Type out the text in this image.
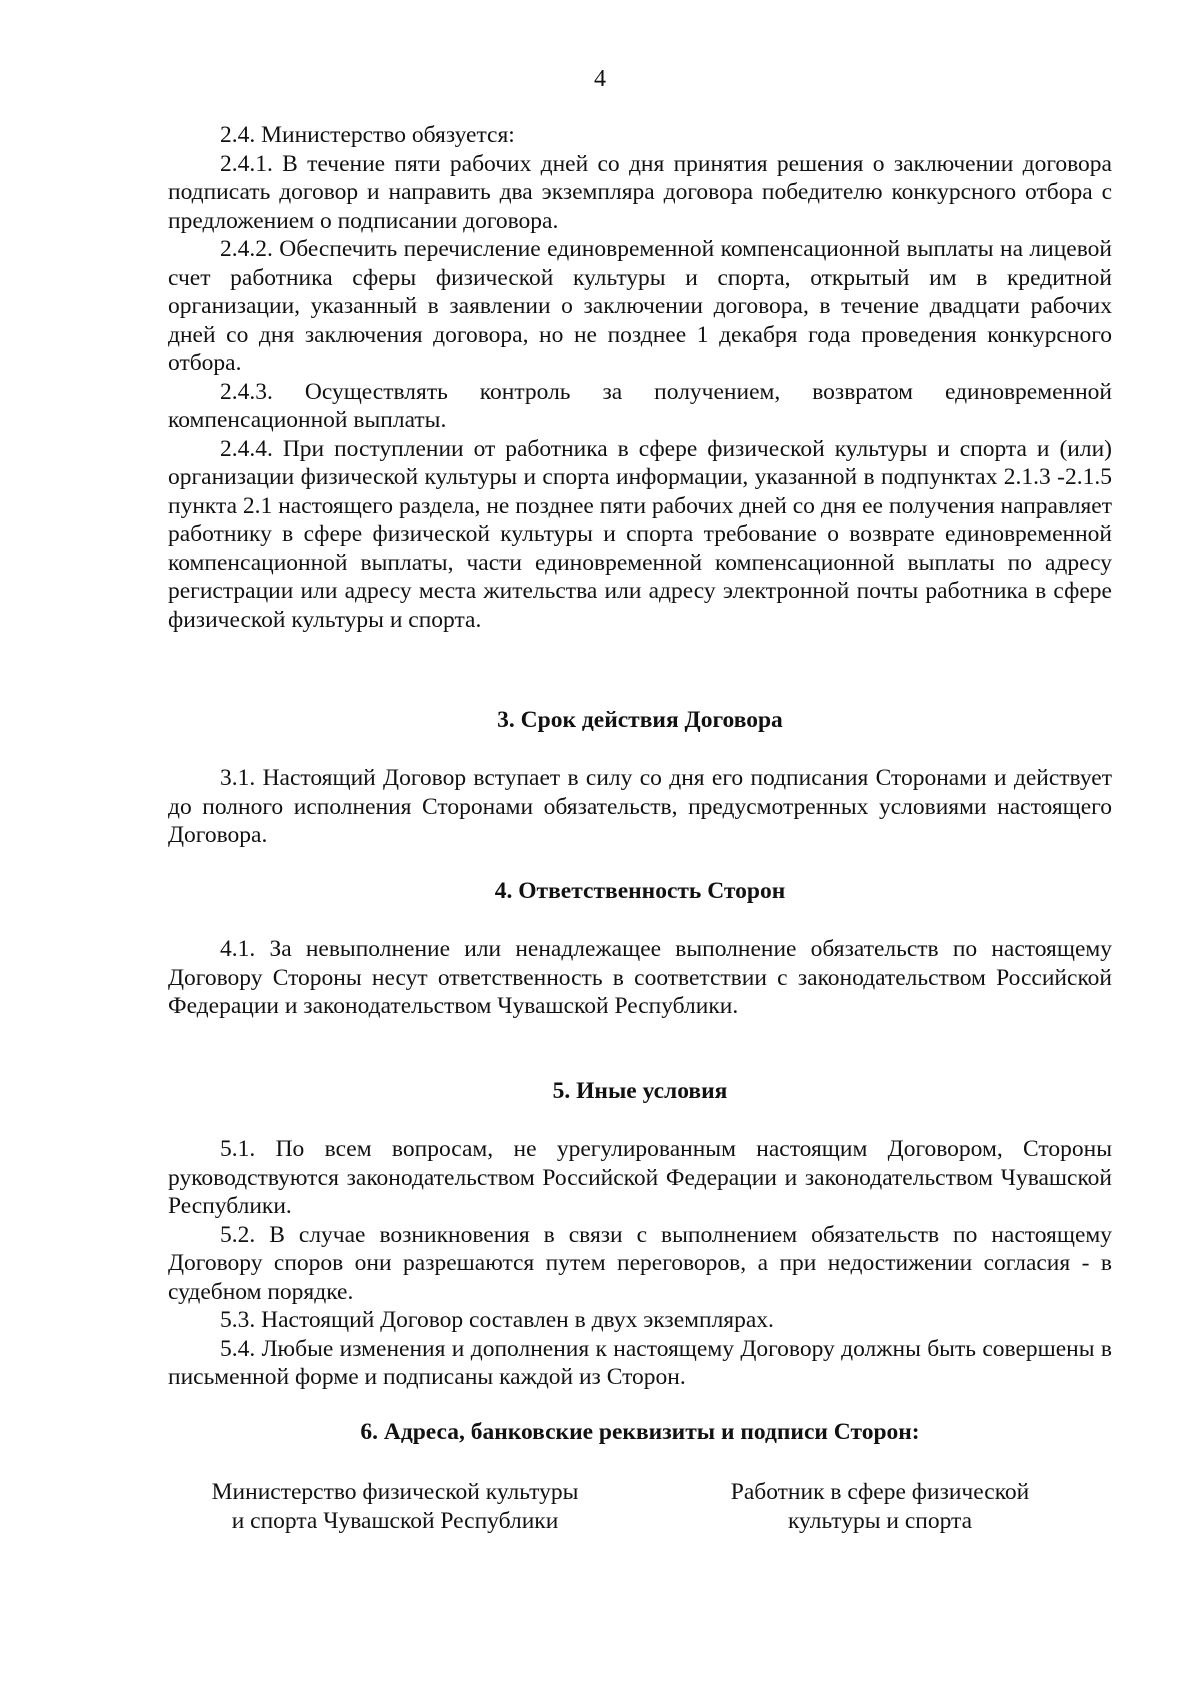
4

2.4. Министерство обязуется:

2.4.1. В течение пяти рабочих дней со дня принятия решения о заключении договора подписать договор и направить два экземпляра договора победителю конкурсного отбора с предложением о подписании договора.

2.4.2. Обеспечить перечисление единовременной компенсационной выплаты на лицевой счет работника сферы физической культуры и спорта, открытый им в кредитной организации, указанный в заявлении о заключении договора, в течение двадцати рабочих дней со дня заключения договора, но не позднее 1 декабря года проведения конкурсного отбора.

2.4.3. Осуществлять контроль за получением, возвратом единовременной компенсационной выплаты.

2.4.4. При поступлении от работника в сфере физической культуры и спорта и (или) организации физической культуры и спорта информации, указанной в подпунктах 2.1.3 -2.1.5 пункта 2.1 настоящего раздела, не позднее пяти рабочих дней со дня ее получения направляет работнику в сфере физической культуры и спорта требование о возврате единовременной компенсационной выплаты, части единовременной компенсационной выплаты по адресу регистрации или адресу места жительства или адресу электронной почты работника в сфере физической культуры и спорта.

3. Срок действия Договора

3.1. Настоящий Договор вступает в силу со дня его подписания Сторонами и действует до полного исполнения Сторонами обязательств, предусмотренных условиями настоящего Договора.

4. Ответственность Сторон

4.1. За невыполнение или ненадлежащее выполнение обязательств по настоящему Договору Стороны несут ответственность в соответствии с законодательством Российской Федерации и законодательством Чувашской Республики.

5. Иные условия

5.1. По всем вопросам, не урегулированным настоящим Договором, Стороны руководствуются законодательством Российской Федерации и законодательством Чувашской Республики.

5.2. В случае возникновения в связи с выполнением обязательств по настоящему Договору споров они разрешаются путем переговоров, а при недостижении согласия - в судебном порядке.

5.3. Настоящий Договор составлен в двух экземплярах.

5.4. Любые изменения и дополнения к настоящему Договору должны быть совершены в письменной форме и подписаны каждой из Сторон.

6. Адреса, банковские реквизиты и подписи Сторон:
Министерство физической культуры
и спорта Чувашской Республики
Работник в сфере физической
культуры и спорта
